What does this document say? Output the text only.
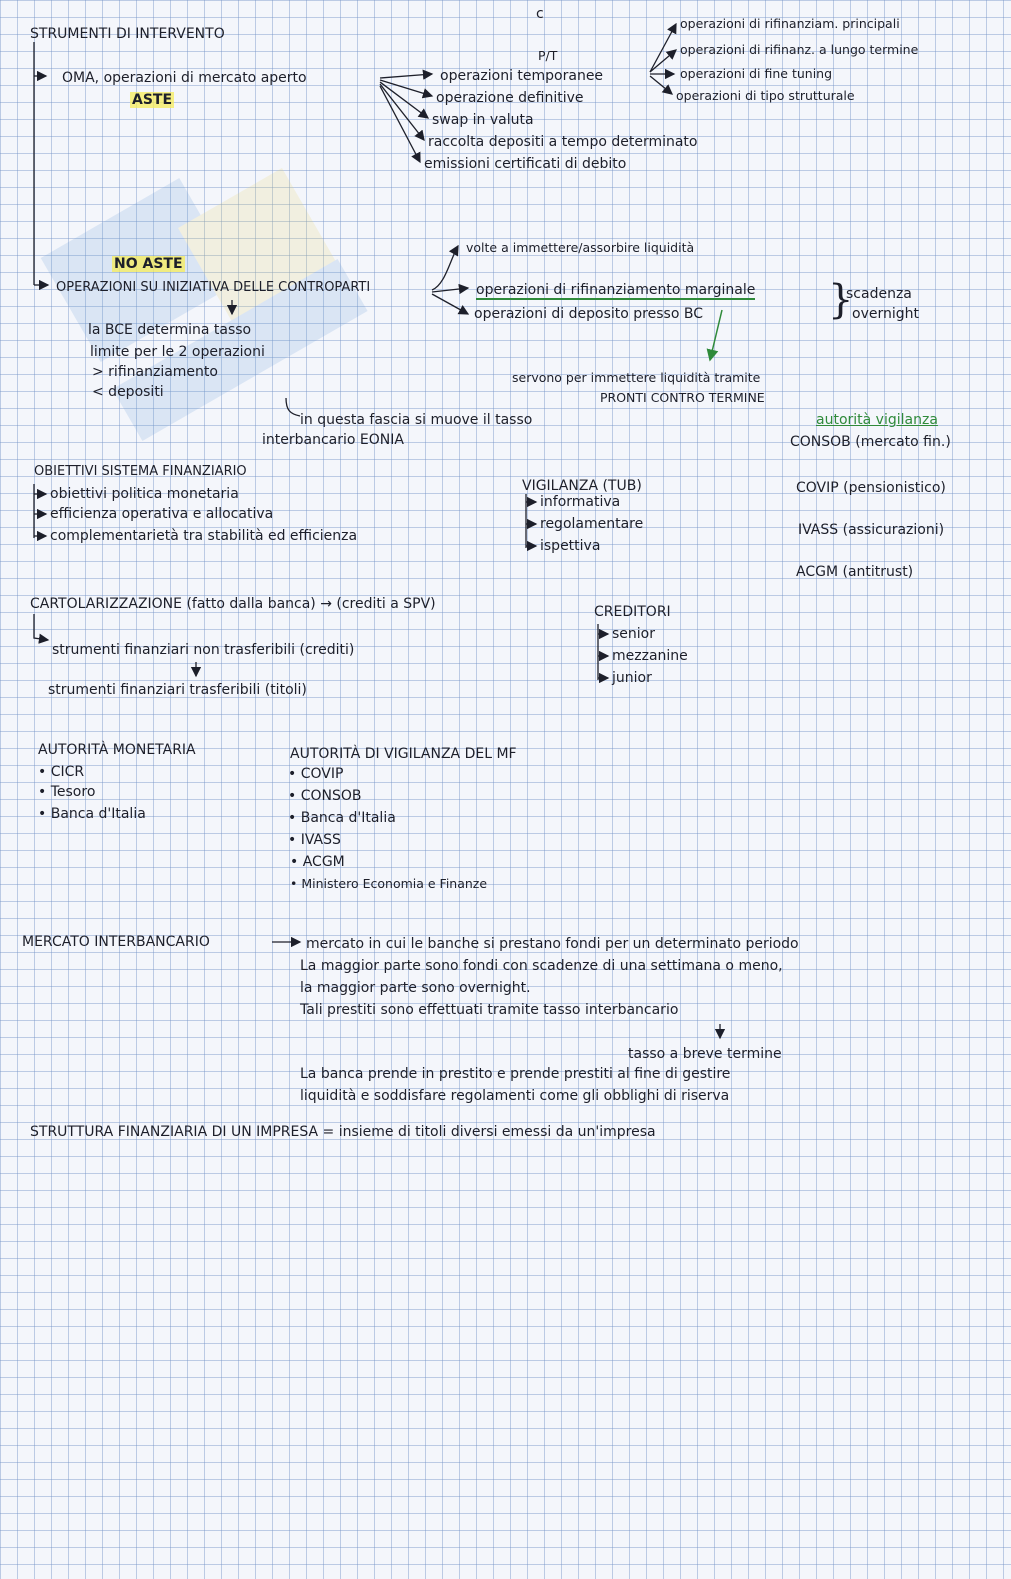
c
STRUMENTI DI INTERVENTO
OMA, operazioni di mercato aperto
ASTE
P/T
operazioni temporanee
operazione definitive
swap in valuta
raccolta depositi a tempo determinato
emissioni certificati di debito
operazioni di rifinanziam. principali
operazioni di rifinanz. a lungo termine
operazioni di fine tuning
operazioni di tipo strutturale
NO ASTE
OPERAZIONI SU INIZIATIVA DELLE CONTROPARTI
volte a immettere/assorbire liquidità
operazioni di rifinanziamento marginale
operazioni di deposito presso BC	}
scadenza
overnight
la BCE determina tasso
limite per le 2 operazioni
> rifinanziamento
< depositi
in questa fascia si muove il tasso
interbancario EONIA
servono per immettere liquidità tramite
PRONTI CONTRO TERMINE
autorità vigilanza
CONSOB (mercato fin.)
COVIP (pensionistico)
IVASS (assicurazioni)
ACGM (antitrust)
OBIETTIVI SISTEMA FINANZIARIO
obiettivi politica monetaria
efficienza operativa e allocativa
complementarietà tra stabilità ed efficienza
VIGILANZA (TUB)
informativa
regolamentare
ispettiva
CARTOLARIZZAZIONE (fatto dalla banca) → (crediti a SPV)
strumenti finanziari non trasferibili (crediti)
strumenti finanziari trasferibili (titoli)
CREDITORI
senior
mezzanine
junior
AUTORITÀ MONETARIA
• CICR
• Tesoro
• Banca d'Italia
AUTORITÀ DI VIGILANZA DEL MF
• COVIP
• CONSOB
• Banca d'Italia
• IVASS
• ACGM
• Ministero Economia e Finanze
MERCATO INTERBANCARIO	mercato in cui le banche si prestano fondi per un determinato periodo
La maggior parte sono fondi con scadenze di una settimana o meno,
la maggior parte sono overnight.
Tali prestiti sono effettuati tramite tasso interbancario
tasso a breve termine
La banca prende in prestito e prende prestiti al fine di gestire
liquidità e soddisfare regolamenti come gli obblighi di riserva
STRUTTURA FINANZIARIA DI UN IMPRESA = insieme di titoli diversi emessi da un'impresa
